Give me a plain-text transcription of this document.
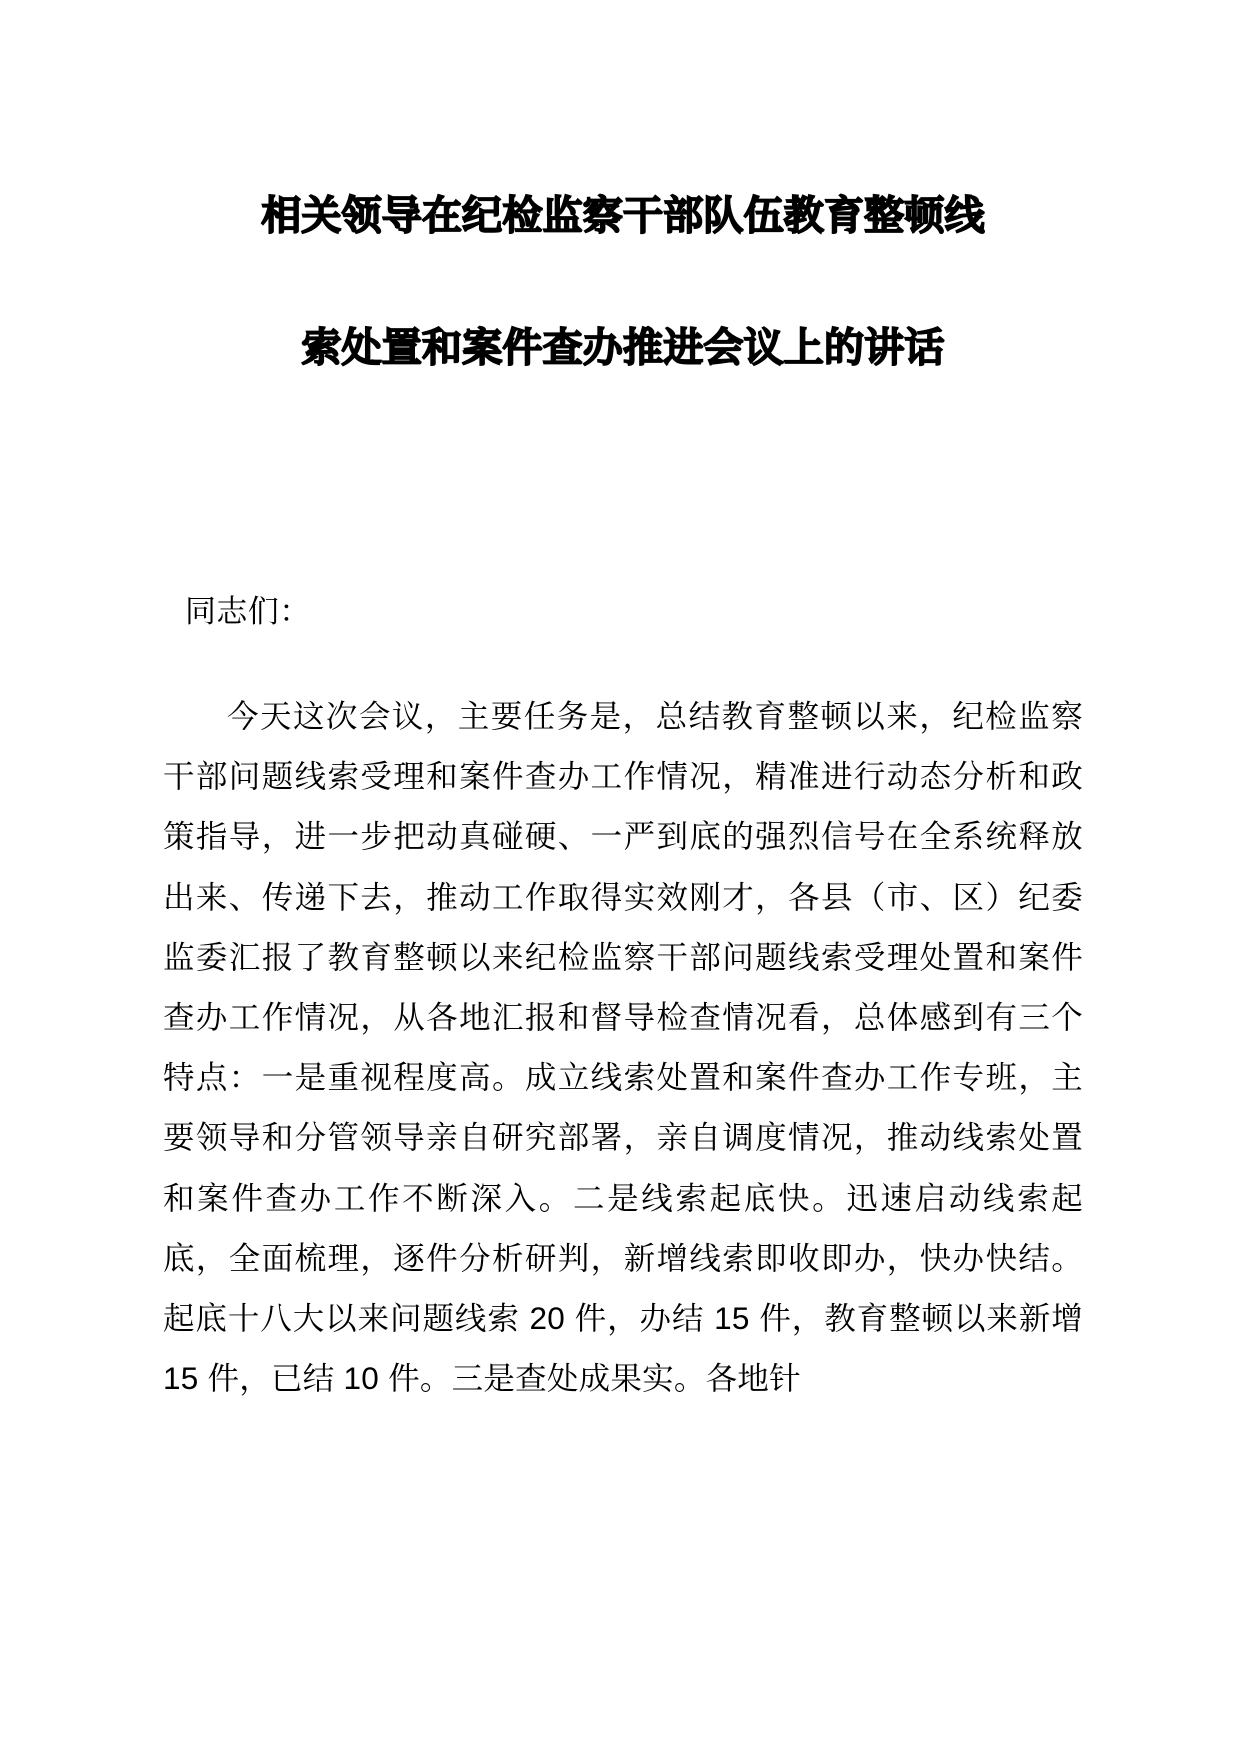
相关领导在纪检监察干部队伍教育整顿线
索处置和案件查办推进会议上的讲话

同志们：

今天这次会议，主要任务是，总结教育整顿以来，纪检监察干部问题线索受理和案件查办工作情况，精准进行动态分析和政策指导，进一步把动真碰硬、一严到底的强烈信号在全系统释放出来、传递下去，推动工作取得实效刚才，各县（市、区）纪委监委汇报了教育整顿以来纪检监察干部问题线索受理处置和案件查办工作情况，从各地汇报和督导检查情况看，总体感到有三个特点：一是重视程度高。成立线索处置和案件查办工作专班，主要领导和分管领导亲自研究部署，亲自调度情况，推动线索处置和案件查办工作不断深入。二是线索起底快。迅速启动线索起底，全面梳理，逐件分析研判，新增线索即收即办，快办快结。起底十八大以来问题线索 20 件，办结 15 件，教育整顿以来新增 15 件，已结 10 件。三是查处成果实。各地针
